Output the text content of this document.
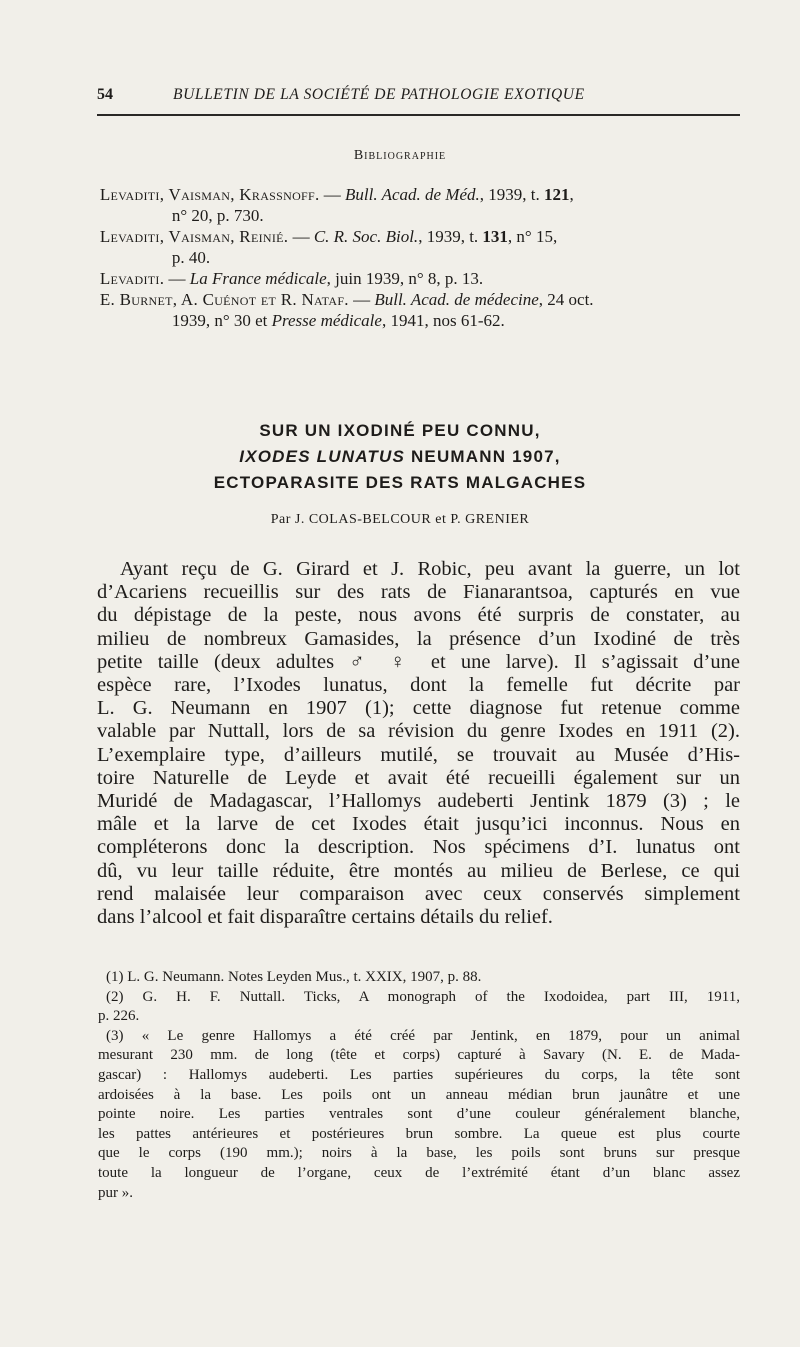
54	BULLETIN DE LA SOCIÉTÉ DE PATHOLOGIE EXOTIQUE
Bibliographie

Levaditi, Vaisman, Krassnoff. — Bull. Acad. de Méd., 1939, t. 121,
n° 20, p. 730.

Levaditi, Vaisman, Reinié. — C. R. Soc. Biol., 1939, t. 131, n° 15,
p. 40.

Levaditi. — La France médicale, juin 1939, n° 8, p. 13.

E. Burnet, A. Cuénot et R. Nataf. — Bull. Acad. de médecine, 24 oct.
1939, n° 30 et Presse médicale, 1941, nos 61-62.

SUR UN IXODINÉ PEU CONNU,
IXODES LUNATUS NEUMANN 1907,
ECTOPARASITE DES RATS MALGACHES
Par J. COLAS-BELCOUR et P. GRENIER
Ayant reçu de G. Girard et J. Robic, peu avant la guerre, un lot
d’Acariens recueillis sur des rats de Fianarantsoa, capturés en vue
du dépistage de la peste, nous avons été surpris de constater, au
milieu de nombreux Gamasides, la présence d’un Ixodiné de très
petite taille (deux adultes ♂ ♀ et une larve). Il s’agissait d’une
espèce rare, l’Ixodes lunatus, dont la femelle fut décrite par
L. G. Neumann en 1907 (1); cette diagnose fut retenue comme
valable par Nuttall, lors de sa révision du genre Ixodes en 1911 (2).
L’exemplaire type, d’ailleurs mutilé, se trouvait au Musée d’His-
toire Naturelle de Leyde et avait été recueilli également sur un
Muridé de Madagascar, l’Hallomys audeberti Jentink 1879 (3) ; le
mâle et la larve de cet Ixodes était jusqu’ici inconnus. Nous en
compléterons donc la description. Nos spécimens d’I. lunatus ont
dû, vu leur taille réduite, être montés au milieu de Berlese, ce qui
rend malaisée leur comparaison avec ceux conservés simplement
dans l’alcool et fait disparaître certains détails du relief.
(1) L. G. Neumann. Notes Leyden Mus., t. XXIX, 1907, p. 88.
(2) G. H. F. Nuttall. Ticks, A monograph of the Ixodoidea, part III, 1911,
p. 226.
(3) « Le genre Hallomys a été créé par Jentink, en 1879, pour un animal
mesurant 230 mm. de long (tête et corps) capturé à Savary (N. E. de Mada-
gascar) : Hallomys audeberti. Les parties supérieures du corps, la tête sont
ardoisées à la base. Les poils ont un anneau médian brun jaunâtre et une
pointe noire. Les parties ventrales sont d’une couleur généralement blanche,
les pattes antérieures et postérieures brun sombre. La queue est plus courte
que le corps (190 mm.); noirs à la base, les poils sont bruns sur presque
toute la longueur de l’organe, ceux de l’extrémité étant d’un blanc assez
pur ».
